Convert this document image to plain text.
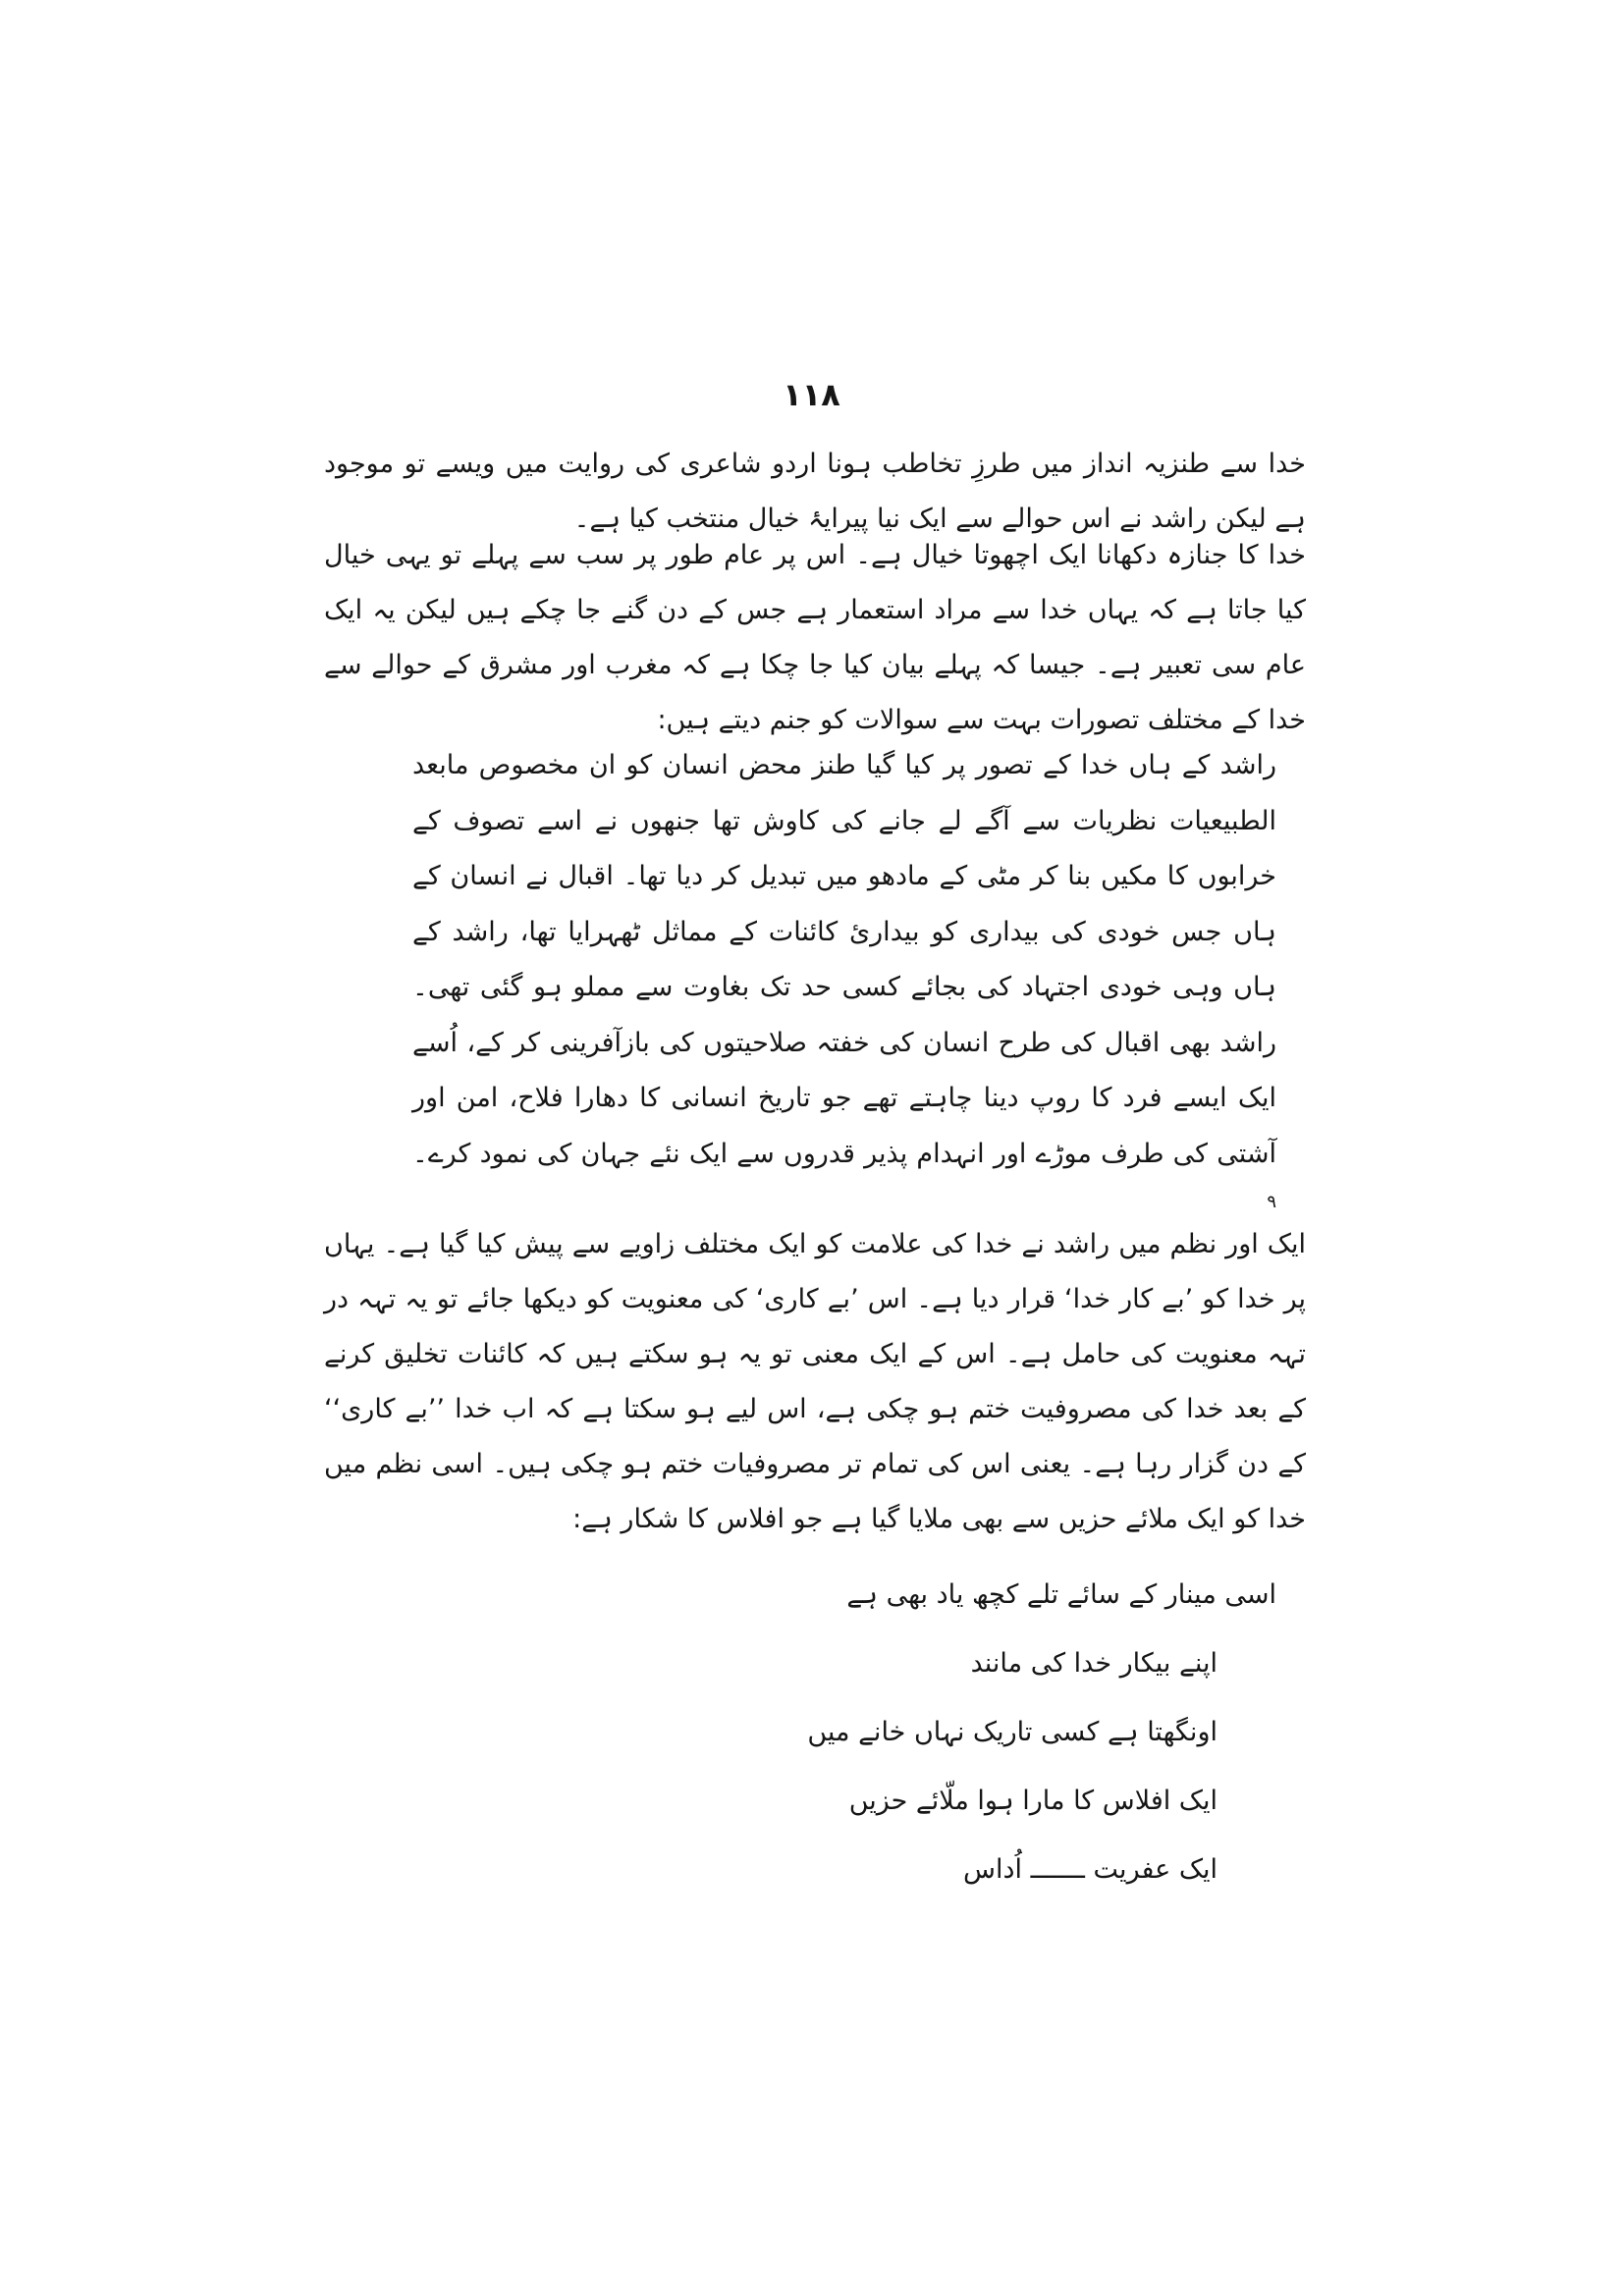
۱۱۸

خدا سے طنزیہ انداز میں طرزِ تخاطب ہونا اردو شاعری کی روایت میں ویسے تو موجود ہے لیکن راشد نے اس حوالے سے ایک نیا پیرایۂ خیال منتخب کیا ہے۔

خدا کا جنازہ دکھانا ایک اچھوتا خیال ہے۔ اس پر عام طور پر سب سے پہلے تو یہی خیال کیا جاتا ہے کہ یہاں خدا سے مراد استعمار ہے جس کے دن گنے جا چکے ہیں لیکن یہ ایک عام سی تعبیر ہے۔ جیسا کہ پہلے بیان کیا جا چکا ہے کہ مغرب اور مشرق کے حوالے سے خدا کے مختلف تصورات بہت سے سوالات کو جنم دیتے ہیں:

راشد کے ہاں خدا کے تصور پر کیا گیا طنز محض انسان کو ان مخصوص مابعد الطبیعیات نظریات سے آگے لے جانے کی کاوش تھا جنھوں نے اسے تصوف کے خرابوں کا مکیں بنا کر مٹی کے مادھو میں تبدیل کر دیا تھا۔ اقبال نے انسان کے ہاں جس خودی کی بیداری کو بیداریٔ کائنات کے مماثل ٹھہرایا تھا، راشد کے ہاں وہی خودی اجتہاد کی بجائے کسی حد تک بغاوت سے مملو ہو گئی تھی۔ راشد بھی اقبال کی طرح انسان کی خفتہ صلاحیتوں کی بازآفرینی کر کے، اُسے ایک ایسے فرد کا روپ دینا چاہتے تھے جو تاریخ انسانی کا دھارا فلاح، امن اور آشتی کی طرف موڑے اور انہدام پذیر قدروں سے ایک نئے جہان کی نمود کرے۔$^۹$

ایک اور نظم میں راشد نے خدا کی علامت کو ایک مختلف زاویے سے پیش کیا گیا ہے۔ یہاں پر خدا کو ’بے کار خدا‘ قرار دیا ہے۔ اس ’بے کاری‘ کی معنویت کو دیکھا جائے تو یہ تہہ در تہہ معنویت کی حامل ہے۔ اس کے ایک معنی تو یہ ہو سکتے ہیں کہ کائنات تخلیق کرنے کے بعد خدا کی مصروفیت ختم ہو چکی ہے، اس لیے ہو سکتا ہے کہ اب خدا ’’بے کاری‘‘ کے دن گزار رہا ہے۔ یعنی اس کی تمام تر مصروفیات ختم ہو چکی ہیں۔ اسی نظم میں خدا کو ایک ملائے حزیں سے بھی ملایا گیا ہے جو افلاس کا شکار ہے:

اسی مینار کے سائے تلے کچھ یاد بھی ہے
اپنے بیکار خدا کی مانند
اونگھتا ہے کسی تاریک نہاں خانے میں
ایک افلاس کا مارا ہوا ملّائے حزیں
ایک عفریت ـــــــ اُداس
